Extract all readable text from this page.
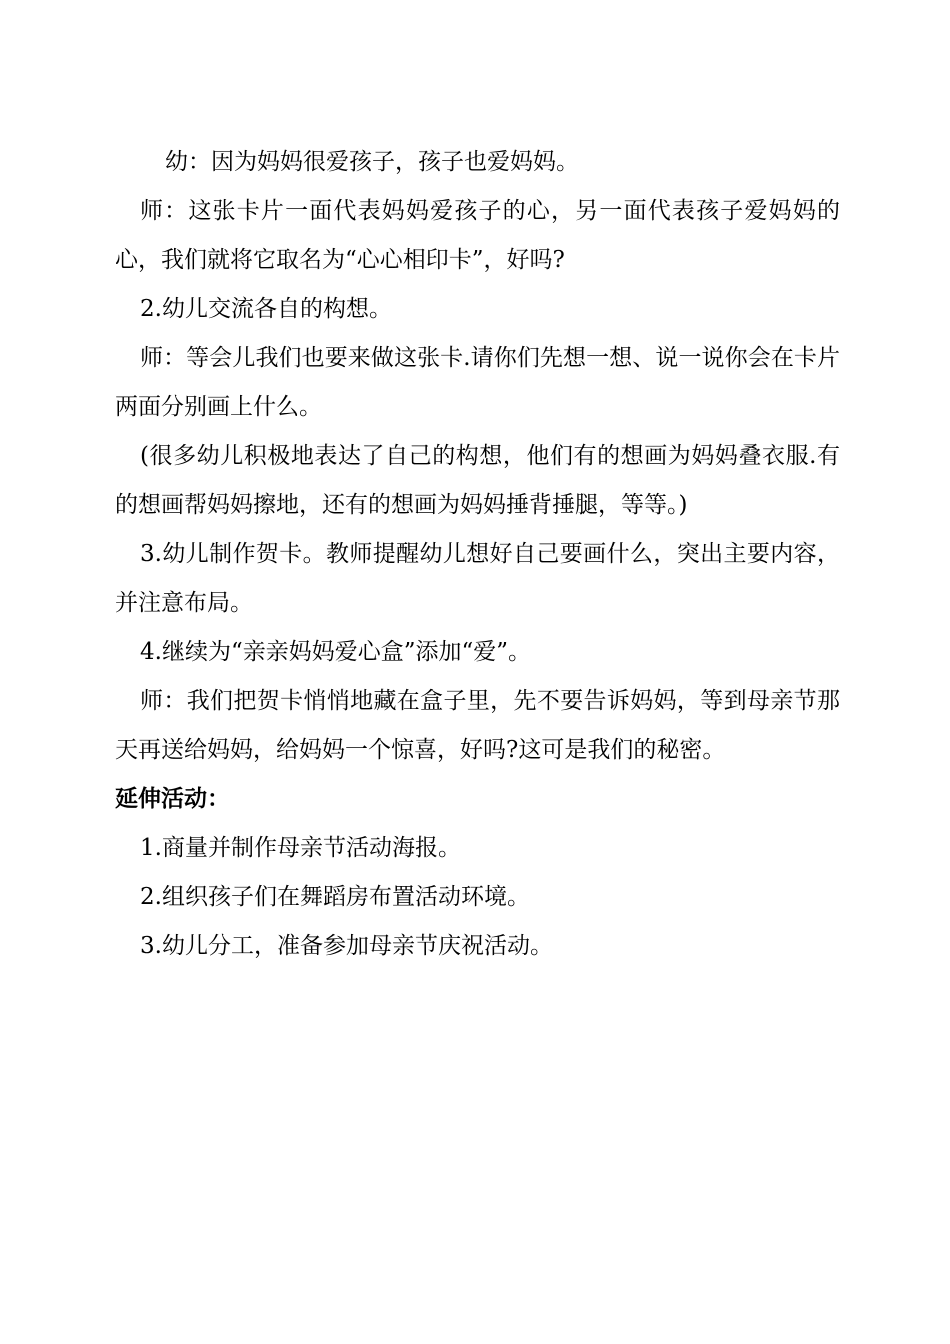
幼：因为妈妈很爱孩子，孩子也爱妈妈。

师：这张卡片一面代表妈妈爱孩子的心，另一面代表孩子爱妈妈的心，我们就将它取名为“心心相印卡”，好吗?

2.幼儿交流各自的构想。

师：等会儿我们也要来做这张卡.请你们先想一想、说一说你会在卡片两面分别画上什么。

(很多幼儿积极地表达了自己的构想，他们有的想画为妈妈叠衣服.有的想画帮妈妈擦地，还有的想画为妈妈捶背捶腿，等等。)

3.幼儿制作贺卡。教师提醒幼儿想好自己要画什么，突出主要内容，并注意布局。

4.继续为“亲亲妈妈爱心盒”添加“爱”。

师：我们把贺卡悄悄地藏在盒子里，先不要告诉妈妈，等到母亲节那天再送给妈妈，给妈妈一个惊喜，好吗?这可是我们的秘密。

延伸活动：

1.商量并制作母亲节活动海报。

2.组织孩子们在舞蹈房布置活动环境。

3.幼儿分工，准备参加母亲节庆祝活动。
